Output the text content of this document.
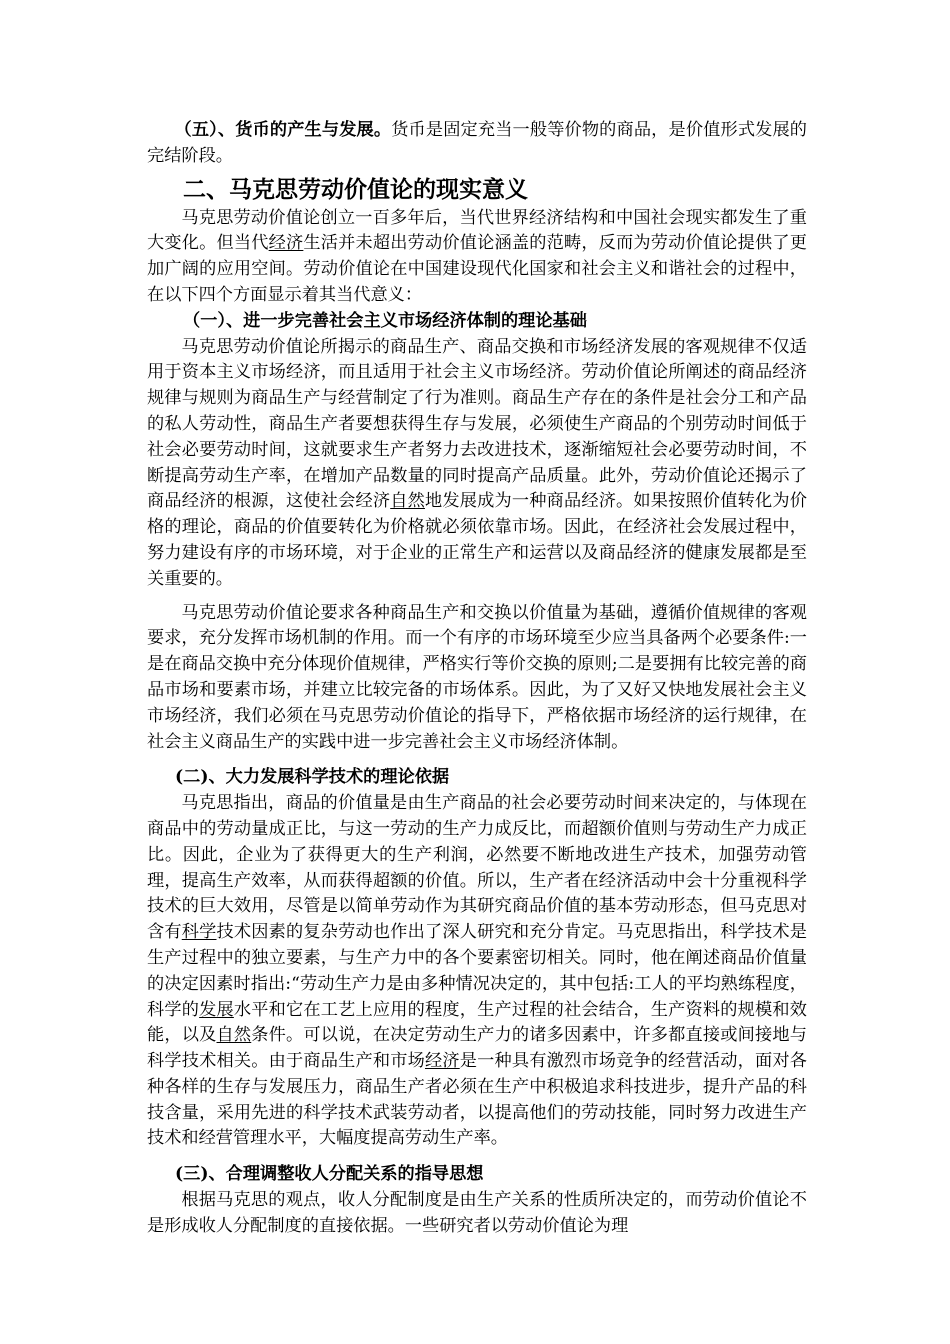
（五）、货币的产生与发展。货币是固定充当一般等价物的商品，是价值形式发展的完结阶段。

二、马克思劳动价值论的现实意义

马克思劳动价值论创立一百多年后，当代世界经济结构和中国社会现实都发生了重大变化。但当代经济生活并未超出劳动价值论涵盖的范畴，反而为劳动价值论提供了更加广阔的应用空间。劳动价值论在中国建设现代化国家和社会主义和谐社会的过程中，在以下四个方面显示着其当代意义：

（一）、进一步完善社会主义市场经济体制的理论基础

马克思劳动价值论所揭示的商品生产、商品交换和市场经济发展的客观规律不仅适用于资本主义市场经济，而且适用于社会主义市场经济。劳动价值论所阐述的商品经济规律与规则为商品生产与经营制定了行为准则。商品生产存在的条件是社会分工和产品的私人劳动性，商品生产者要想获得生存与发展，必须使生产商品的个别劳动时间低于社会必要劳动时间，这就要求生产者努力去改进技术，逐渐缩短社会必要劳动时间，不断提高劳动生产率，在增加产品数量的同时提高产品质量。此外，劳动价值论还揭示了商品经济的根源，这使社会经济自然地发展成为一种商品经济。如果按照价值转化为价格的理论，商品的价值要转化为价格就必须依靠市场。因此，在经济社会发展过程中，努力建设有序的市场环境，对于企业的正常生产和运营以及商品经济的健康发展都是至关重要的。

马克思劳动价值论要求各种商品生产和交换以价值量为基础，遵循价值规律的客观要求，充分发挥市场机制的作用。而一个有序的市场环境至少应当具备两个必要条件:一是在商品交换中充分体现价值规律，严格实行等价交换的原则;二是要拥有比较完善的商品市场和要素市场，并建立比较完备的市场体系。因此，为了又好又快地发展社会主义市场经济，我们必须在马克思劳动价值论的指导下，严格依据市场经济的运行规律，在社会主义商品生产的实践中进一步完善社会主义市场经济体制。

(二)、大力发展科学技术的理论依据

马克思指出，商品的价值量是由生产商品的社会必要劳动时间来决定的，与体现在商品中的劳动量成正比，与这一劳动的生产力成反比，而超额价值则与劳动生产力成正比。因此，企业为了获得更大的生产利润，必然要不断地改进生产技术，加强劳动管理，提高生产效率，从而获得超额的价值。所以，生产者在经济活动中会十分重视科学技术的巨大效用，尽管是以简单劳动作为其研究商品价值的基本劳动形态，但马克思对含有科学技术因素的复杂劳动也作出了深人研究和充分肯定。马克思指出，科学技术是生产过程中的独立要素，与生产力中的各个要素密切相关。同时，他在阐述商品价值量的决定因素时指出:“劳动生产力是由多种情况决定的，其中包括:工人的平均熟练程度，科学的发展水平和它在工艺上应用的程度，生产过程的社会结合，生产资料的规模和效能，以及自然条件。可以说，在决定劳动生产力的诸多因素中，许多都直接或间接地与科学技术相关。由于商品生产和市场经济是一种具有激烈市场竞争的经营活动，面对各种各样的生存与发展压力，商品生产者必须在生产中积极追求科技进步，提升产品的科技含量，采用先进的科学技术武装劳动者，以提高他们的劳动技能，同时努力改进生产技术和经营管理水平，大幅度提高劳动生产率。

(三)、合理调整收人分配关系的指导思想

根据马克思的观点，收人分配制度是由生产关系的性质所决定的，而劳动价值论不是形成收人分配制度的直接依据。一些研究者以劳动价值论为理
